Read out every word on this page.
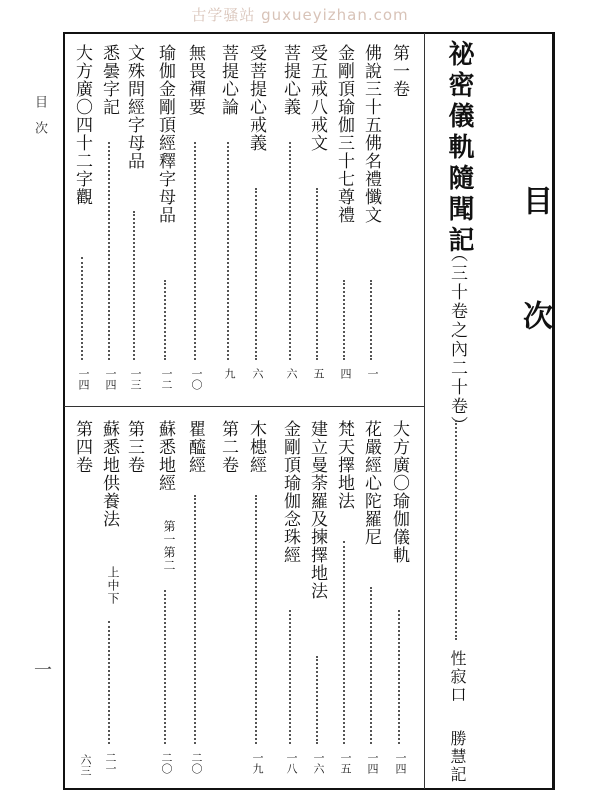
古学骚站 guxueyizhan.com
目　次
一
目
次
祕密儀軌隨聞記
（三十卷之內二十卷）
性寂口
勝慧記
第一卷
佛說三十五佛名禮懺文
一
金剛頂瑜伽三十七尊禮
四
受五戒八戒文
五
菩提心義
六
受菩提心戒義
六
菩提心論
九
無畏禪要
一〇
瑜伽金剛頂經釋字母品
一二
文殊問經字母品
一三
悉曇字記
一四
大方廣〇四十二字觀
一四
大方廣〇瑜伽儀軌
一四
花嚴經心陀羅尼
一四
梵天擇地法
一五
建立曼荼羅及揀擇地法
一六
金剛頂瑜伽念珠經
一八
木槵經
一九
第二卷
瞿醯經
二〇
蘇悉地經
第一第二
二〇
第三卷
蘇悉地供養法
上中下
二一
第四卷
六三
